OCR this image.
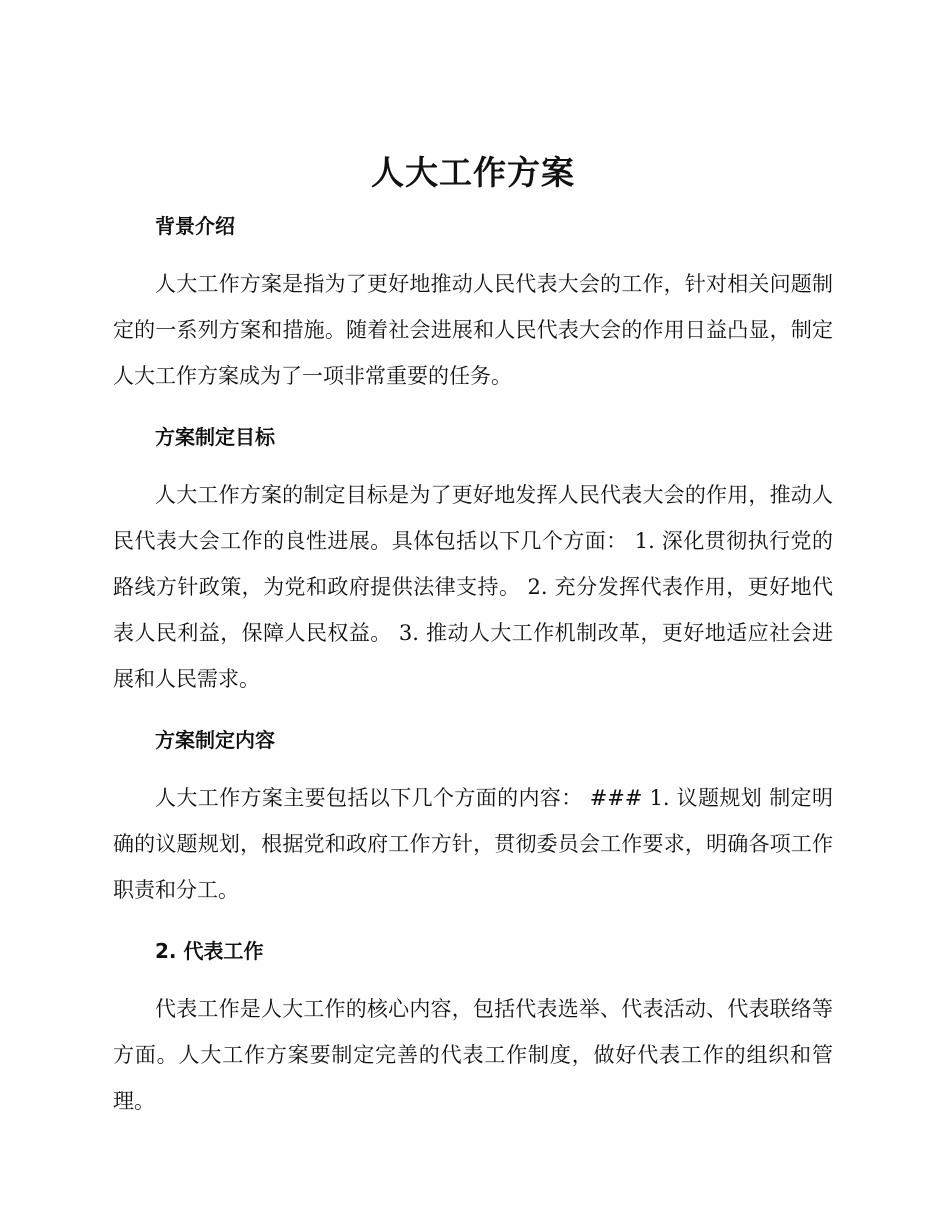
人大工作方案
背景介绍

人大工作方案是指为了更好地推动人民代表大会的工作，针对相关问题制定的一系列方案和措施。随着社会进展和人民代表大会的作用日益凸显，制定人大工作方案成为了一项非常重要的任务。

方案制定目标

人大工作方案的制定目标是为了更好地发挥人民代表大会的作用，推动人民代表大会工作的良性进展。具体包括以下几个方面： 1. 深化贯彻执行党的路线方针政策，为党和政府提供法律支持。 2. 充分发挥代表作用，更好地代表人民利益，保障人民权益。 3. 推动人大工作机制改革，更好地适应社会进展和人民需求。

方案制定内容

人大工作方案主要包括以下几个方面的内容： ### 1. 议题规划 制定明确的议题规划，根据党和政府工作方针，贯彻委员会工作要求，明确各项工作职责和分工。

2. 代表工作

代表工作是人大工作的核心内容，包括代表选举、代表活动、代表联络等方面。人大工作方案要制定完善的代表工作制度，做好代表工作的组织和管理。
